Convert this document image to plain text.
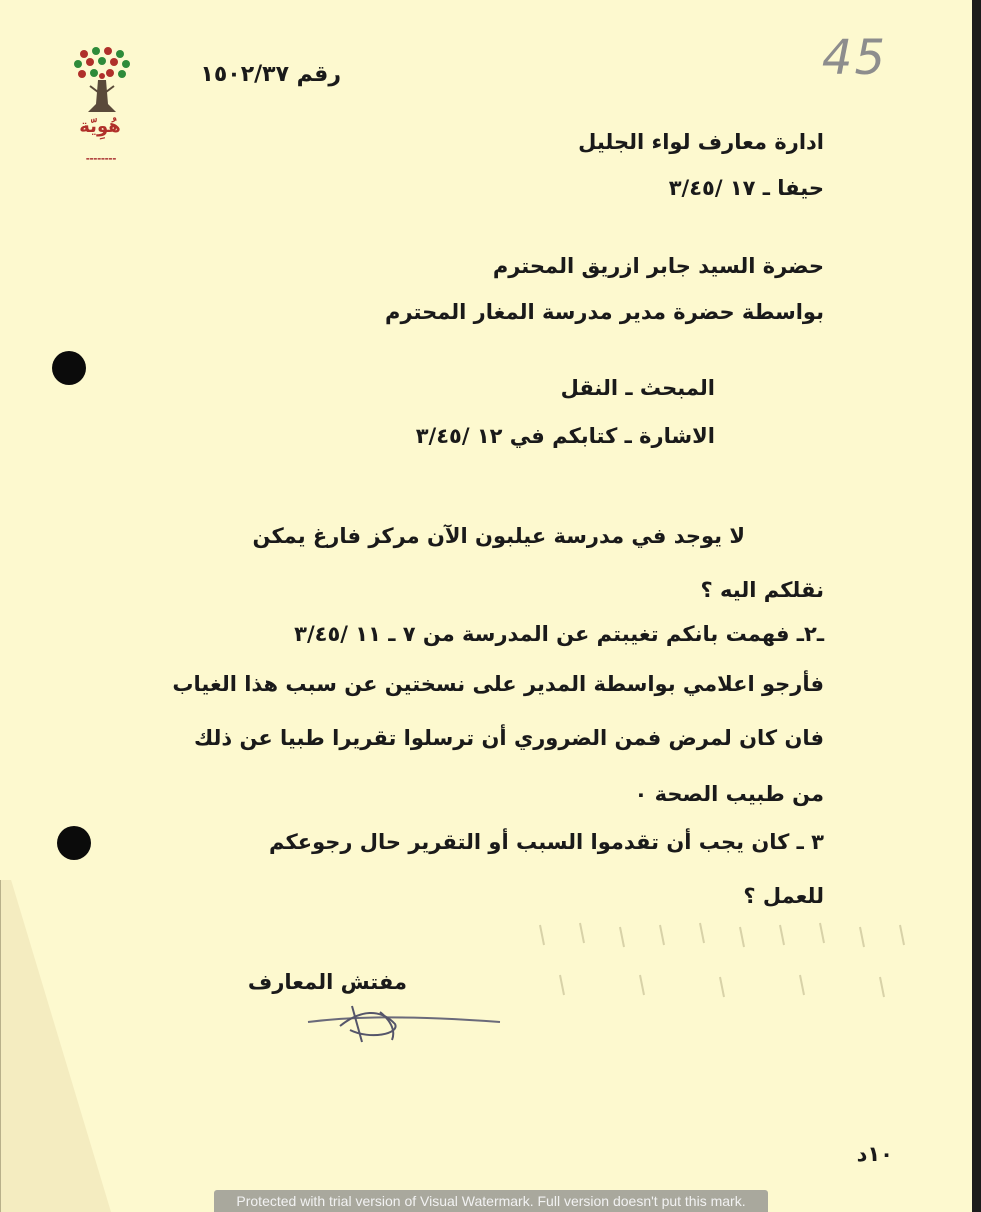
هُوِيّة
▬▬▬▬▬▬▬▬
رقم ١٥٠٢/٣٧	45
ادارة معارف لواء الجليل
حيفا ـ ١٧ /٣/٤٥
حضرة السيد جابر ازريق المحترم
بواسطة حضرة مدير مدرسة المغار المحترم
المبحث ـ النقل
الاشارة ـ كتابكم في ١٢ /٣/٤٥
لا يوجد في مدرسة عيلبون الآن مركز فارغ يمكن
نقلكم اليه ؟
ـ٢ـ فهمت بانكم تغيبتم عن المدرسة من ٧ ـ ١١ /٣/٤٥
فأرجو اعلامي بواسطة المدير على نسختين عن سبب هذا الغياب
فان كان لمرض فمن الضروري أن ترسلوا تقريرا طبيا عن ذلك
من طبيب الصحة ٠
٣ ـ كان يجب أن تقدموا السبب أو التقرير حال رجوعكم
للعمل ؟
مفتش المعارف
١٠د
Protected with trial version of Visual Watermark. Full version doesn't put this mark.
